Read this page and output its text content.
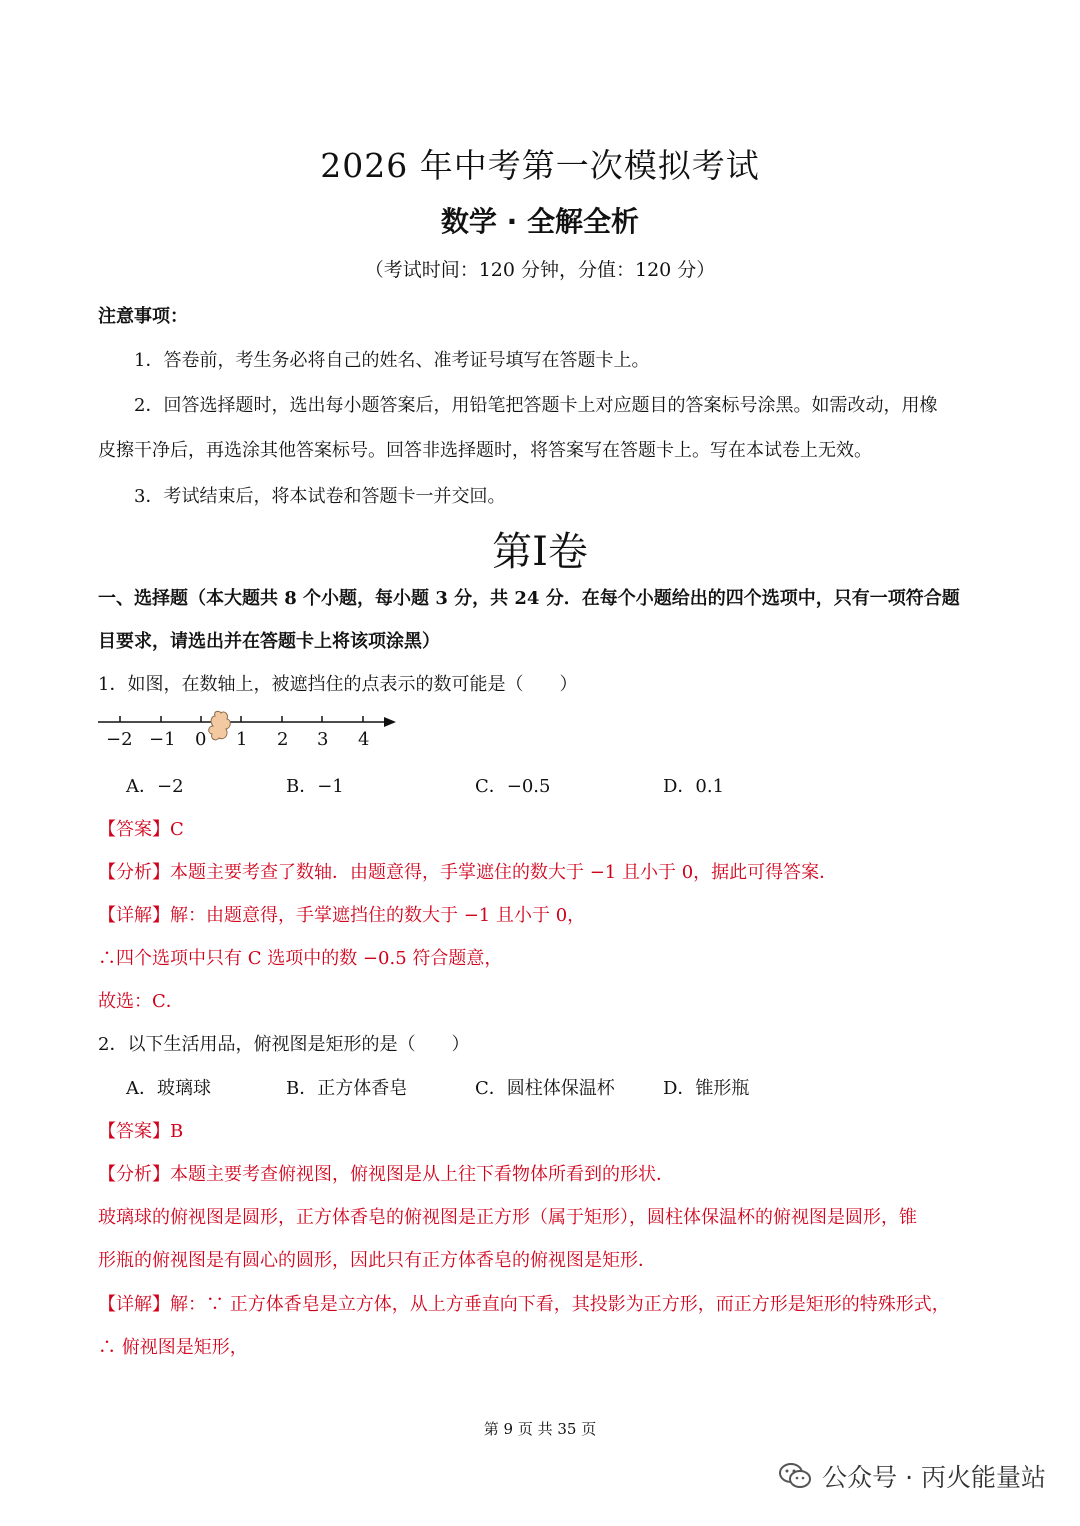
2026 年中考第一次模拟考试
数学 · 全解全析
（考试时间：120 分钟，分值：120 分）
注意事项：
1．答卷前，考生务必将自己的姓名、准考证号填写在答题卡上。
2．回答选择题时，选出每小题答案后，用铅笔把答题卡上对应题目的答案标号涂黑。如需改动，用橡
皮擦干净后，再选涂其他答案标号。回答非选择题时，将答案写在答题卡上。写在本试卷上无效。
3．考试结束后，将本试卷和答题卡一并交回。
第I卷
一、选择题（本大题共 8 个小题，每小题 3 分，共 24 分．在每个小题给出的四个选项中，只有一项符合题
目要求，请选出并在答题卡上将该项涂黑）
1．如图，在数轴上，被遮挡住的点表示的数可能是（　　）
−2 −1 0 1 2 3 4
A．−2	B．−1	C．−0.5	D．0.1
【答案】C
【分析】本题主要考查了数轴．由题意得，手掌遮住的数大于 −1 且小于 0，据此可得答案．
【详解】解：由题意得，手掌遮挡住的数大于 −1 且小于 0，
∴四个选项中只有 C 选项中的数 −0.5 符合题意，
故选：C．
2．以下生活用品，俯视图是矩形的是（　　）
A．玻璃球	B．正方体香皂	C．圆柱体保温杯	D．锥形瓶
【答案】B
【分析】本题主要考查俯视图，俯视图是从上往下看物体所看到的形状．
玻璃球的俯视图是圆形，正方体香皂的俯视图是正方形（属于矩形），圆柱体保温杯的俯视图是圆形，锥
形瓶的俯视图是有圆心的圆形，因此只有正方体香皂的俯视图是矩形．
【详解】解：∵ 正方体香皂是立方体，从上方垂直向下看，其投影为正方形，而正方形是矩形的特殊形式，
∴ 俯视图是矩形，
第 9 页 共 35 页
公众号 · 丙火能量站
